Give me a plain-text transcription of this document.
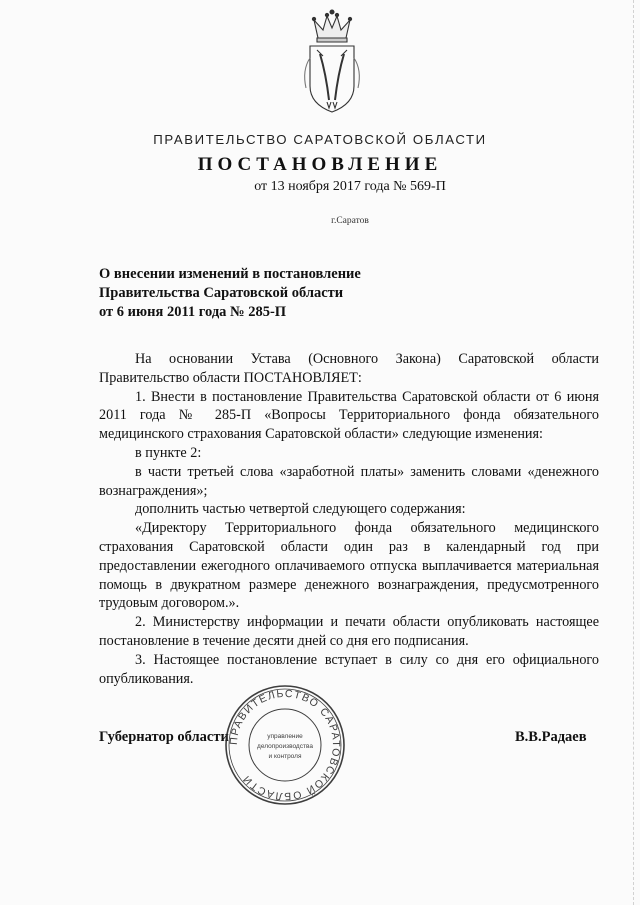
ПРАВИТЕЛЬСТВО САРАТОВСКОЙ ОБЛАСТИ
ПОСТАНОВЛЕНИЕ
от 13 ноября 2017 года № 569-П
г.Саратов
О внесении изменений в постановление
Правительства Саратовской области
от 6 июня 2011 года № 285-П

На основании Устава (Основного Закона) Саратовской области Правительство области ПОСТАНОВЛЯЕТ:

1. Внести в постановление Правительства Саратовской области от 6 июня 2011 года № 285-П «Вопросы Территориального фонда обязательного медицинского страхования Саратовской области» следующие изменения:

в пункте 2:

в части третьей слова «заработной платы» заменить словами «денежного вознаграждения»;

дополнить частью четвертой следующего содержания:

«Директору Территориального фонда обязательного медицинского страхования Саратовской области один раз в календарный год при предоставлении ежегодного оплачиваемого отпуска выплачивается материальная помощь в двукратном размере денежного вознаграждения, предусмотренного трудовым договором.».

2. Министерству информации и печати области опубликовать настоящее постановление в течение десяти дней со дня его подписания.

3. Настоящее постановление вступает в силу со дня его официального опубликования.

Губернатор области	В.В.Радаев
ПРАВИТЕЛЬСТВО САРАТОВСКОЙ ОБЛАСТИ
управление
делопроизводства
и контроля
